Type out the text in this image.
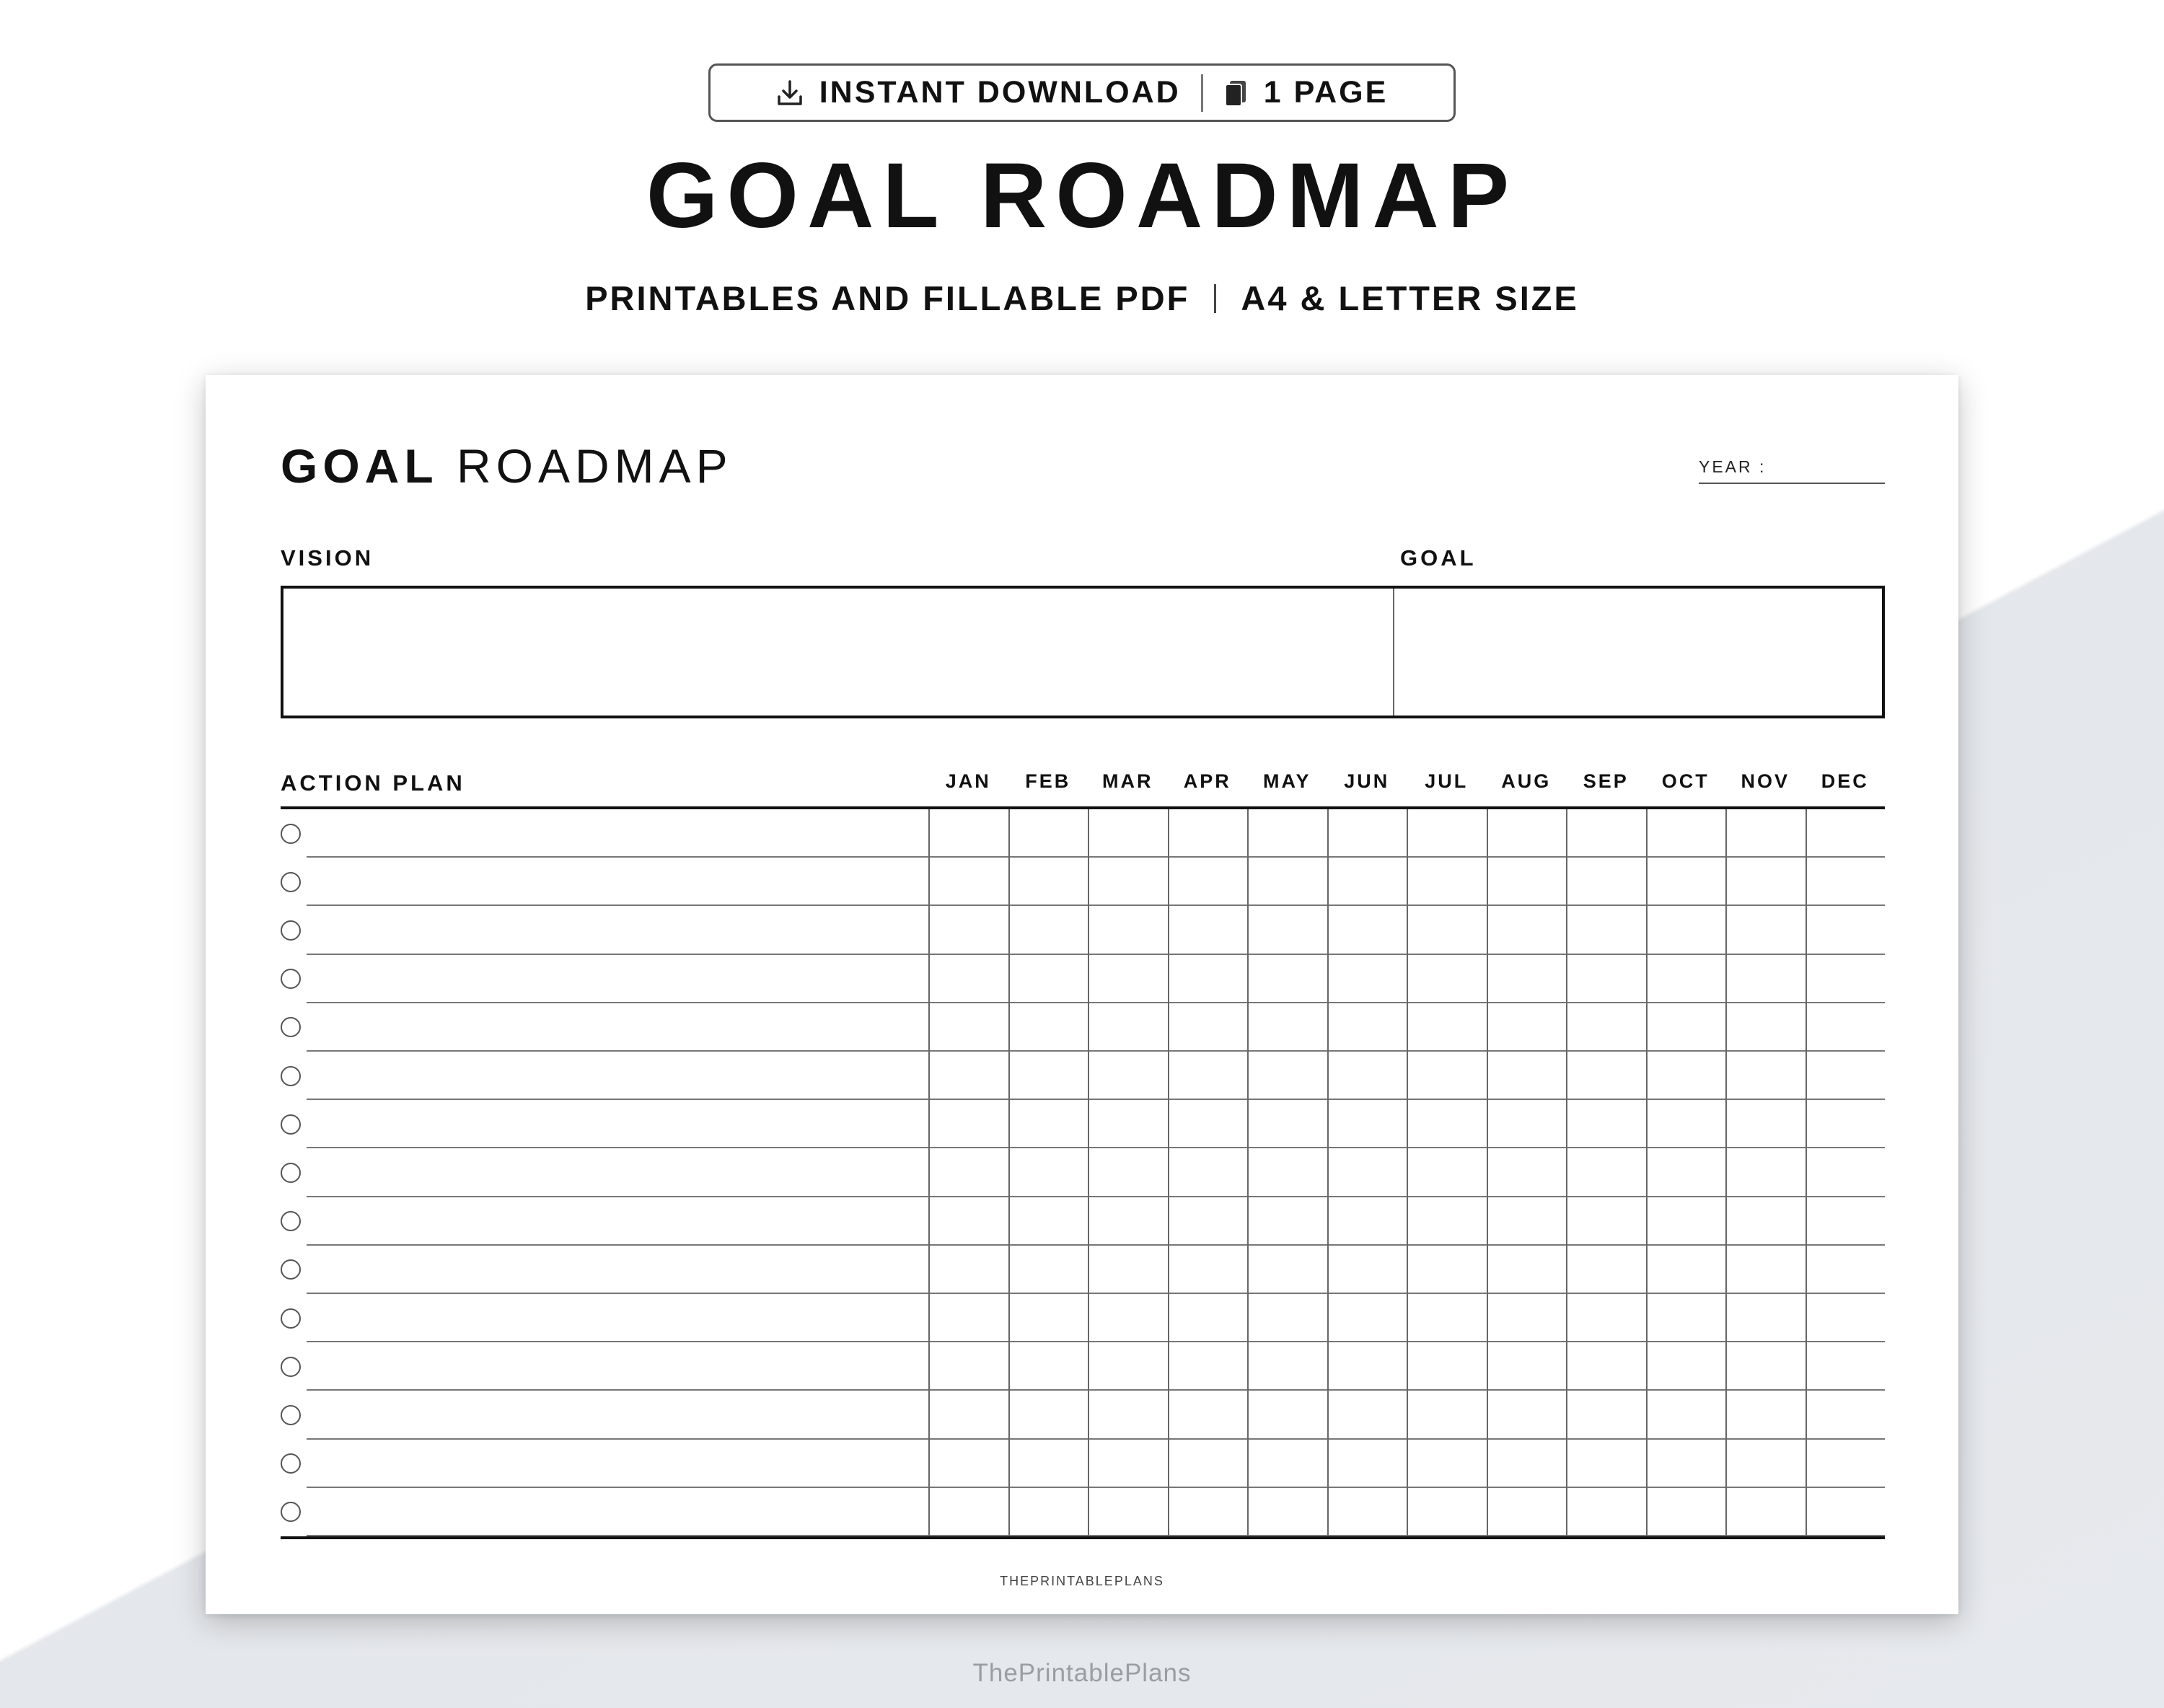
INSTANT DOWNLOAD	1 PAGE
GOAL ROADMAP
PRINTABLES AND FILLABLE PDF A4 & LETTER SIZE
GOAL ROADMAP	YEAR :
VISION	GOAL
ACTION PLAN	JAN	FEB	MAR	APR	MAY	JUN	JUL	AUG	SEP	OCT	NOV	DEC
THEPRINTABLEPLANS
ThePrintablePlans
